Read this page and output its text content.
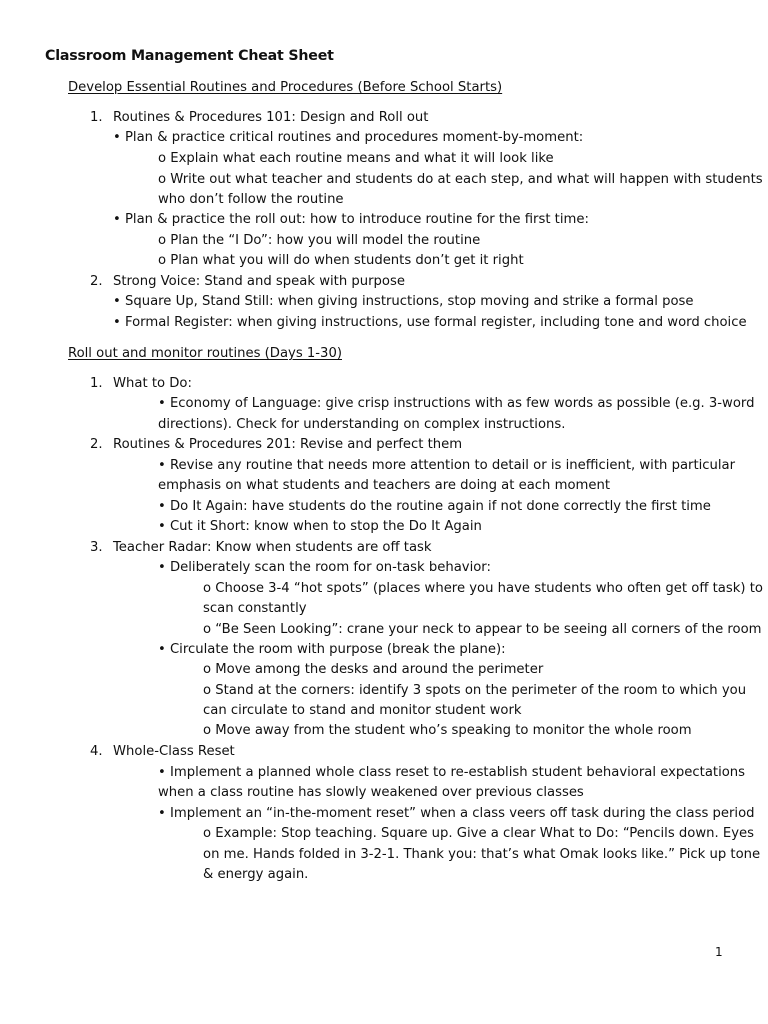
Classroom Management Cheat Sheet
Develop Essential Routines and Procedures (Before School Starts)
1. Routines & Procedures 101: Design and Roll out
• Plan & practice critical routines and procedures moment-by-moment:
o Explain what each routine means and what it will look like
o Write out what teacher and students do at each step, and what will happen with students
who don’t follow the routine
• Plan & practice the roll out: how to introduce routine for the first time:
o Plan the “I Do”: how you will model the routine
o Plan what you will do when students don’t get it right
2. Strong Voice: Stand and speak with purpose
• Square Up, Stand Still: when giving instructions, stop moving and strike a formal pose
• Formal Register: when giving instructions, use formal register, including tone and word choice
Roll out and monitor routines (Days 1-30)
1. What to Do:
• Economy of Language: give crisp instructions with as few words as possible (e.g. 3-word
directions). Check for understanding on complex instructions.
2. Routines & Procedures 201: Revise and perfect them
• Revise any routine that needs more attention to detail or is inefficient, with particular
emphasis on what students and teachers are doing at each moment
• Do It Again: have students do the routine again if not done correctly the first time
• Cut it Short: know when to stop the Do It Again
3. Teacher Radar: Know when students are off task
• Deliberately scan the room for on-task behavior:
o Choose 3-4 “hot spots” (places where you have students who often get off task) to
scan constantly
o “Be Seen Looking”: crane your neck to appear to be seeing all corners of the room
• Circulate the room with purpose (break the plane):
o Move among the desks and around the perimeter
o Stand at the corners: identify 3 spots on the perimeter of the room to which you
can circulate to stand and monitor student work
o Move away from the student who’s speaking to monitor the whole room
4. Whole-Class Reset
• Implement a planned whole class reset to re-establish student behavioral expectations
when a class routine has slowly weakened over previous classes
• Implement an “in-the-moment reset” when a class veers off task during the class period
o Example: Stop teaching. Square up. Give a clear What to Do: “Pencils down. Eyes
on me. Hands folded in 3-2-1. Thank you: that’s what Omak looks like.” Pick up tone
& energy again.
1
